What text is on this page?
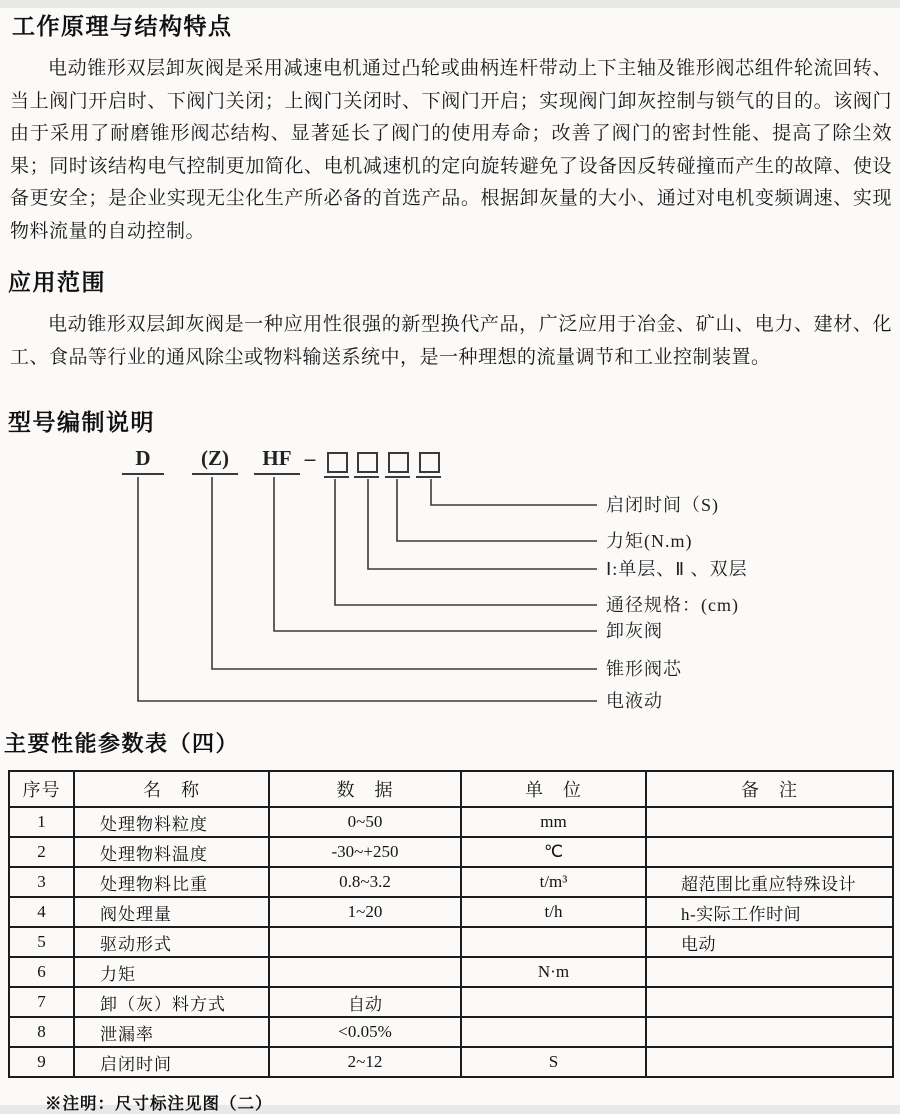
工作原理与结构特点

电动锥形双层卸灰阀是采用减速电机通过凸轮或曲柄连杆带动上下主轴及锥形阀芯组件轮流回转、当上阀门开启时、下阀门关闭；上阀门关闭时、下阀门开启；实现阀门卸灰控制与锁气的目的。该阀门由于采用了耐磨锥形阀芯结构、显著延长了阀门的使用寿命；改善了阀门的密封性能、提高了除尘效果；同时该结构电气控制更加简化、电机减速机的定向旋转避免了设备因反转碰撞而产生的故障、使设备更安全；是企业实现无尘化生产所必备的首选产品。根据卸灰量的大小、通过对电机变频调速、实现物料流量的自动控制。

应用范围

电动锥形双层卸灰阀是一种应用性很强的新型换代产品，广泛应用于冶金、矿山、电力、建材、化工、食品等行业的通风除尘或物料输送系统中，是一种理想的流量调节和工业控制装置。

型号编制说明
D	(Z)	HF –
启闭时间（S)
力矩(N.m)
Ⅰ:单层、Ⅱ 、双层
通径规格：(cm)
卸灰阀
锥形阀芯
电液动
主要性能参数表（四）
序号	名　称	数　据	单　位	备　注
1	处理物料粒度	0~50	mm	
2	处理物料温度	-30~+250	℃	
3	处理物料比重	0.8~3.2	t/m³	超范围比重应特殊设计
4	阀处理量	1~20	t/h	h-实际工作时间
5	驱动形式			电动
6	力矩		N·m	
7	卸（灰）料方式	自动		
8	泄漏率	<0.05%		
9	启闭时间	2~12	S	
※注明：尺寸标注见图（二）
